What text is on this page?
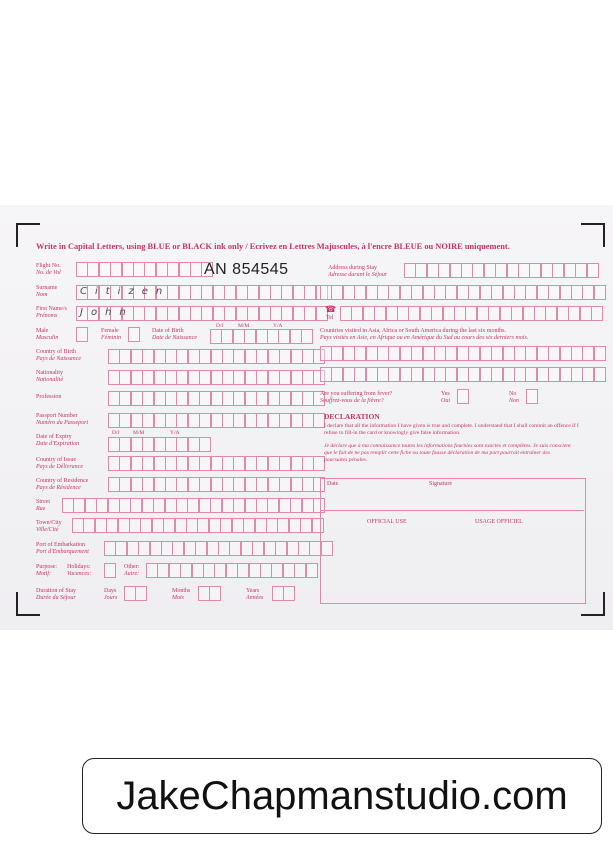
Write in Capital Letters, using BLUE or BLACK ink only / Ecrivez en Lettres Majuscules, à l'encre BLEUE ou NOIRE uniquement.
Flight No.
No. de Vol	AN 854545
Surname
Nom	Citizen
First Name/s
Prénoms	John
Male
Masculin
Female
Féminin
Date of Birth
Date de Naissance
D/J	M/M	Y/A
Country of Birth
Pays de Naissance
Nationality
Nationalité
Profession
Passport Number
Numéro du Passeport
Date of Expiry
Date d'Expiration
D/J M/M	Y/A
Country of Issue
Pays de Délivrance
Country of Residence
Pays de Résidence
Street
Rue
Town/City
Ville/Cité
Port of Embarkation
Port d'Embarquement
Purpose:
Motif:
Holidays:
Vacances:
Other:
Autre:
Duration of Stay
Durée du Séjour
Days
Jours
Months
Mois
Years
Années
Address during Stay
Adresse durant le Séjour
☎
Tel
Countries visited in Asia, Africa or South America during the last six months.
Pays visités en Asie, en Afrique ou en Amérique du Sud au cours des six derniers mois.
Are you suffering from fever?
Souffrez-vous de la fièvre?
Yes
Oui
No
Non
DECLARATION
I declare that all the information I have given is true and complete. I understand that I shall commit an offence if I refuse to fill-in the card or knowingly give false information.
Je déclare que à ma connaissance toutes les informations fournies sont exactes et complètes. Je suis conscient que le fait de ne pas remplir cette fiche ou toute fausse déclaration de ma part pourrait entraîner des poursuites pénales.
Date	Signature
OFFICIAL USE	USAGE OFFICIEL
JakeChapmanstudio.com
